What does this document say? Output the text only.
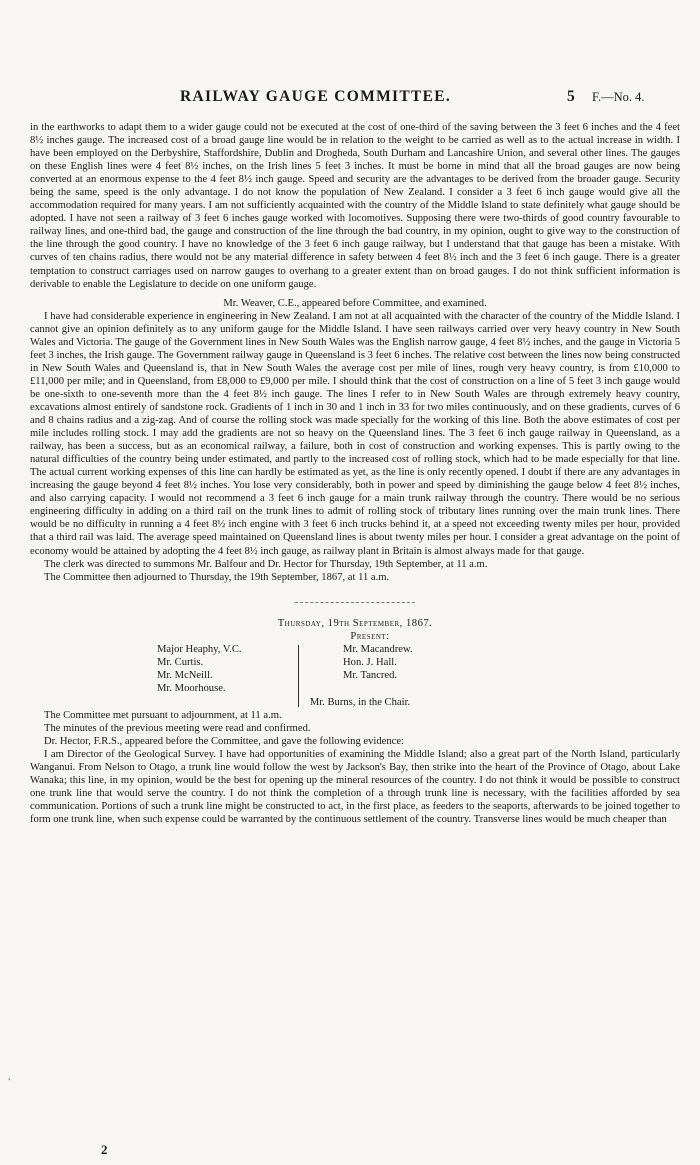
RAILWAY GAUGE COMMITTEE.	5 F.—No. 4.

in the earthworks to adapt them to a wider gauge could not be executed at the cost of one-third of the saving between the 3 feet 6 inches and the 4 feet 8½ inches gauge. The increased cost of a broad gauge line would be in relation to the weight to be carried as well as to the actual increase in width. I have been employed on the Derbyshire, Staffordshire, Dublin and Drogheda, South Durham and Lancashire Union, and several other lines. The gauges on these English lines were 4 feet 8½ inches, on the Irish lines 5 feet 3 inches. It must be borne in mind that all the broad gauges are now being converted at an enormous expense to the 4 feet 8½ inch gauge. Speed and security are the advantages to be derived from the broader gauge. Security being the same, speed is the only advantage. I do not know the population of New Zealand. I consider a 3 feet 6 inch gauge would give all the accommodation required for many years. I am not sufficiently acquainted with the country of the Middle Island to state definitely what gauge should be adopted. I have not seen a railway of 3 feet 6 inches gauge worked with locomotives. Supposing there were two-thirds of good country favourable to railway lines, and one-third bad, the gauge and construction of the line through the bad country, in my opinion, ought to give way to the construction of the line through the good country. I have no knowledge of the 3 feet 6 inch gauge railway, but I understand that that gauge has been a mistake. With curves of ten chains radius, there would not be any material difference in safety between 4 feet 8½ inch and the 3 feet 6 inch gauge. There is a greater temptation to construct carriages used on narrow gauges to overhang to a greater extent than on broad gauges. I do not think sufficient information is derivable to enable the Legislature to decide on one uniform gauge.

Mr. Weaver, C.E., appeared before Committee, and examined.

I have had considerable experience in engineering in New Zealand. I am not at all acquainted with the character of the country of the Middle Island. I cannot give an opinion definitely as to any uniform gauge for the Middle Island. I have seen railways carried over very heavy country in New South Wales and Victoria. The gauge of the Government lines in New South Wales was the English narrow gauge, 4 feet 8½ inches, and the gauge in Victoria 5 feet 3 inches, the Irish gauge. The Government railway gauge in Queensland is 3 feet 6 inches. The relative cost between the lines now being constructed in New South Wales and Queensland is, that in New South Wales the average cost per mile of lines, rough very heavy country, is from £10,000 to £11,000 per mile; and in Queensland, from £8,000 to £9,000 per mile. I should think that the cost of construction on a line of 5 feet 3 inch gauge would be one-sixth to one-seventh more than the 4 feet 8½ inch gauge. The lines I refer to in New South Wales are through extremely heavy country, excavations almost entirely of sandstone rock. Gradients of 1 inch in 30 and 1 inch in 33 for two miles continuously, and on these gradients, curves of 6 and 8 chains radius and a zig-zag. And of course the rolling stock was made specially for the working of this line. Both the above estimates of cost per mile includes rolling stock. I may add the gradients are not so heavy on the Queensland lines. The 3 feet 6 inch gauge railway in Queensland, as a railway, has been a success, but as an economical railway, a failure, both in cost of construction and working expenses. This is partly owing to the natural difficulties of the country being under estimated, and partly to the increased cost of rolling stock, which had to be made especially for that line. The actual current working expenses of this line can hardly be estimated as yet, as the line is only recently opened. I doubt if there are any advantages in increasing the gauge beyond 4 feet 8½ inches. You lose very considerably, both in power and speed by diminishing the gauge below 4 feet 8½ inches, and also carrying capacity. I would not recommend a 3 feet 6 inch gauge for a main trunk railway through the country. There would be no serious engineering difficulty in adding on a third rail on the trunk lines to admit of rolling stock of tributary lines running over the main trunk lines. There would be no difficulty in running a 4 feet 8½ inch engine with 3 feet 6 inch trucks behind it, at a speed not exceeding twenty miles per hour, provided that a third rail was laid. The average speed maintained on Queensland lines is about twenty miles per hour. I consider a great advantage on the point of economy would be attained by adopting the 4 feet 8½ inch gauge, as railway plant in Britain is almost always made for that gauge.

The clerk was directed to summons Mr. Balfour and Dr. Hector for Thursday, 19th September, at 11 a.m.

The Committee then adjourned to Thursday, the 19th September, 1867, at 11 a.m.

Thursday, 19th September, 1867.

Present:

Major Heaphy, V.C.
Mr. Curtis.
Mr. McNeill.
Mr. Moorhouse.
Mr. Macandrew.
Hon. J. Hall.
Mr. Tancred.

Mr. Burns, in the Chair.

The Committee met pursuant to adjournment, at 11 a.m.

The minutes of the previous meeting were read and confirmed.

Dr. Hector, F.R.S., appeared before the Committee, and gave the following evidence:

I am Director of the Geological Survey. I have had opportunities of examining the Middle Island; also a great part of the North Island, particularly Wanganui. From Nelson to Otago, a trunk line would follow the west by Jackson's Bay, then strike into the heart of the Province of Otago, about Lake Wanaka; this line, in my opinion, would be the best for opening up the mineral resources of the country. I do not think it would be possible to construct one trunk line that would serve the country. I do not think the completion of a through trunk line is necessary, with the facilities afforded by sea communication. Portions of such a trunk line might be constructed to act, in the first place, as feeders to the seaports, afterwards to be joined together to form one trunk line, when such expense could be warranted by the continuous settlement of the country. Transverse lines would be much cheaper than

‵
2
